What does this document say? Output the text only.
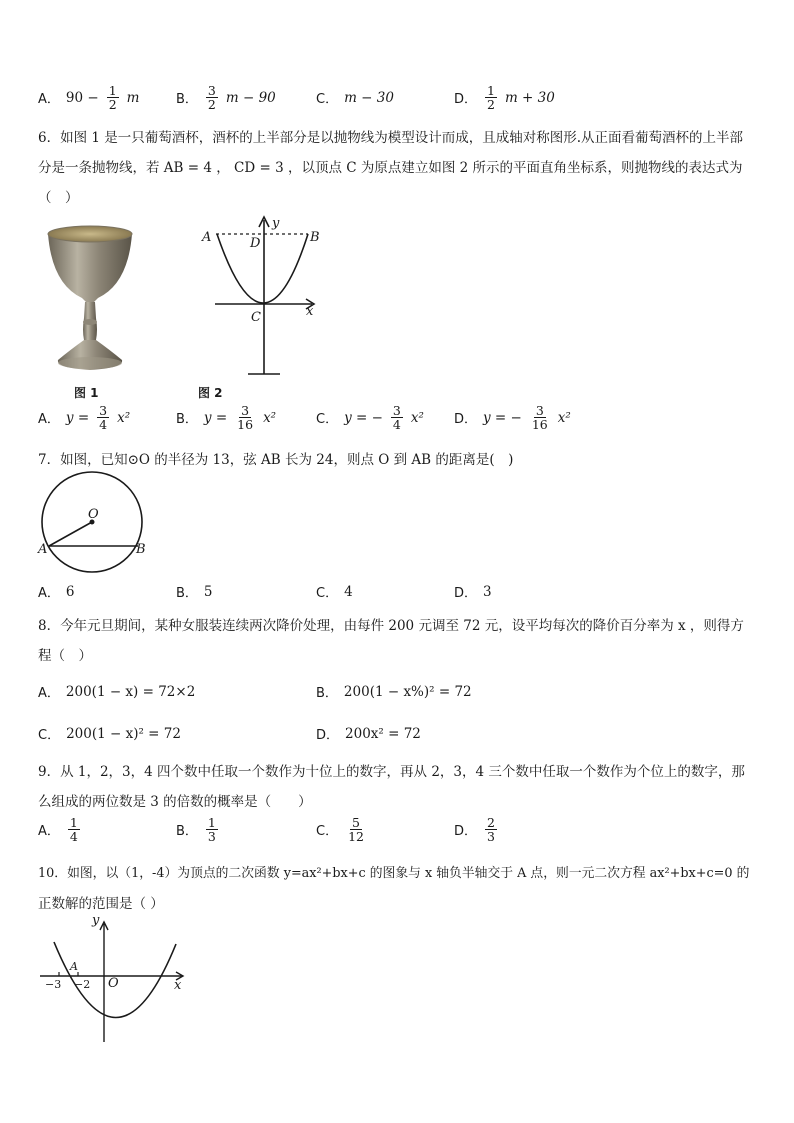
A． $90 - \frac{1}{2}$ m	B． $\frac{3}{2}$ m − 90	C． m − 30	D． $\frac{1}{2}$ m + 30
6．如图 1 是一只葡萄酒杯，酒杯的上半部分是以抛物线为模型设计而成，且成轴对称图形.从正面看葡萄酒杯的上半部
分是一条抛物线，若 AB = 4 ， CD = 3 ，以顶点 C 为原点建立如图 2 所示的平面直角坐标系，则抛物线的表达式为
（　）
图 1
A	B
D
C	x
y
图 2
A． $y = \frac{3}{4} x^2$	B． $y = \frac{3}{16} x^2$	C． y = − $\frac{3}{4} x^2$ D． y = − $\frac{3}{16} x^2$
7．如图，已知⊙O 的半径为 13，弦 AB 长为 24，则点 O 到 AB 的距离是(　)
O
A	B
A． 6	B． 5	C． 4	D． 3
8．今年元旦期间，某种女服装连续两次降价处理，由每件 200 元调至 72 元，设平均每次的降价百分率为 x ，则得方
程（　）
A． 200(1 − x) = 72×2	B． 200(1 − x%)² = 72
C． 200(1 − x)² = 72	D． 200x² = 72
9．从 1，2，3，4 四个数中任取一个数作为十位上的数字，再从 2，3，4 三个数中任取一个数作为个位上的数字，那
么组成的两位数是 3 的倍数的概率是（　　）
A． $\frac{1}{4}$	B． $\frac{1}{3}$	C． $\frac{5}{12}$	D． $\frac{2}{3}$
10．如图，以（1，-4）为顶点的二次函数 y=ax²+bx+c 的图象与 x 轴负半轴交于 A 点，则一元二次方程 ax²+bx+c=0 的
正数解的范围是（ ）
y
x
O
A
−3 −2
